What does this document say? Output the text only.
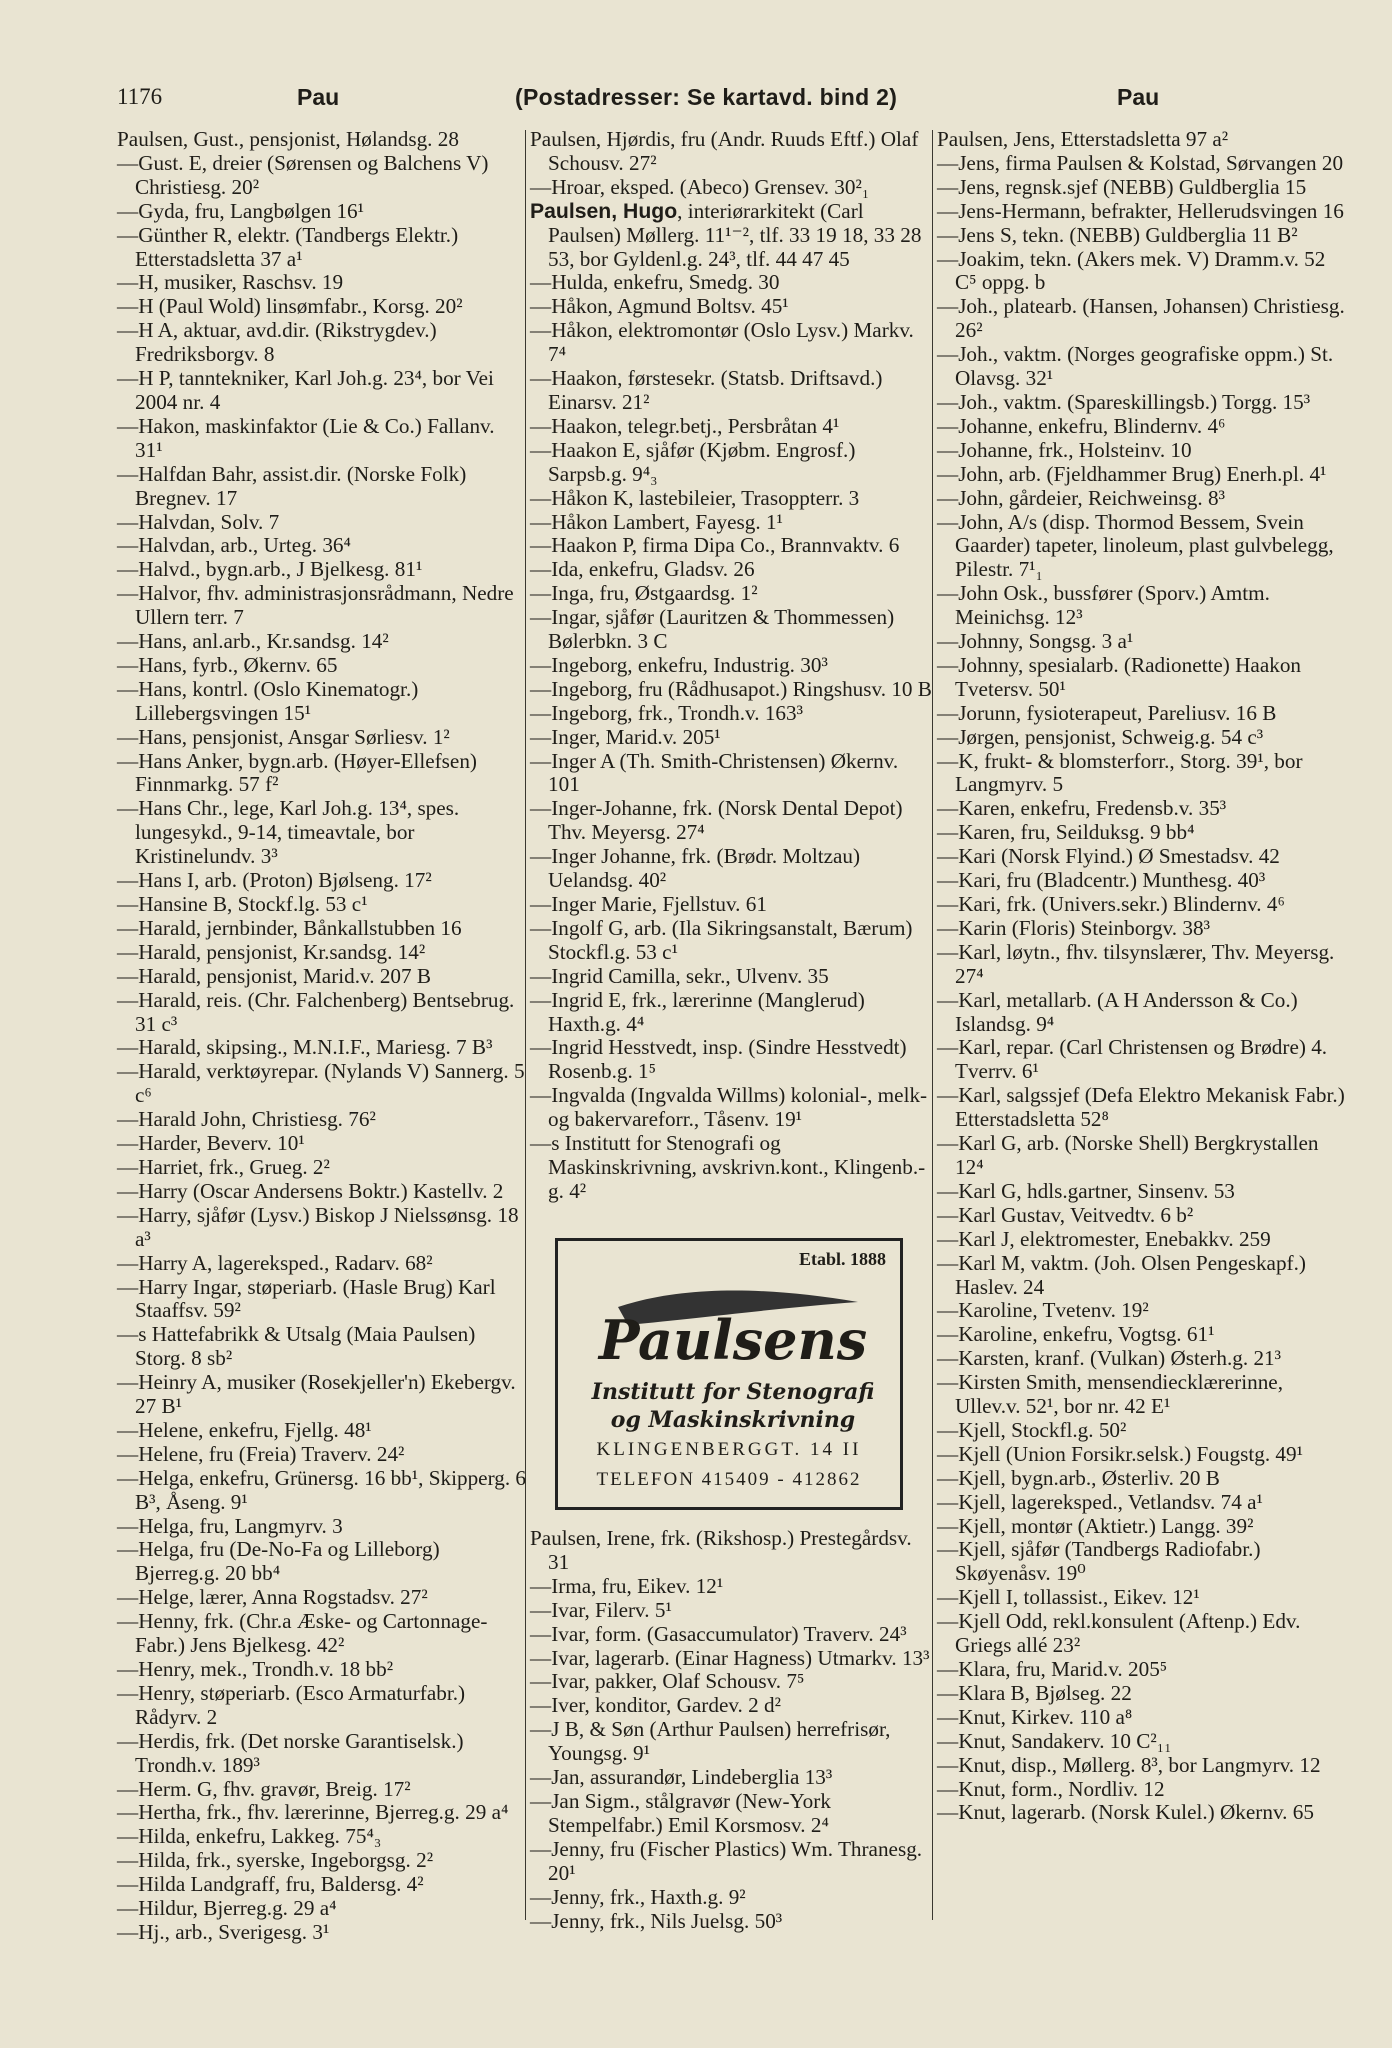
1176	Pau	(Postadresser: Se kartavd. bind 2)	Pau

Paulsen, Gust., pensjonist, Hølandsg. 28

—Gust. E, dreier (Sørensen og Balchens V) Christiesg. 20²

—Gyda, fru, Langbølgen 16¹

—Günther R, elektr. (Tandbergs Elektr.) Etterstadsletta 37 a¹

—H, musiker, Raschsv. 19

—H (Paul Wold) linsømfabr., Korsg. 20²

—H A, aktuar, avd.dir. (Rikstrygdev.) Fredriksborgv. 8

—H P, tanntekniker, Karl Joh.g. 23⁴, bor Vei 2004 nr. 4

—Hakon, maskinfaktor (Lie & Co.) Fallanv. 31¹

—Halfdan Bahr, assist.dir. (Norske Folk) Bregnev. 17

—Halvdan, Solv. 7

—Halvdan, arb., Urteg. 36⁴

—Halvd., bygn.arb., J Bjelkesg. 81¹

—Halvor, fhv. administrasjonsrådmann, Nedre Ullern terr. 7

—Hans, anl.arb., Kr.sandsg. 14²

—Hans, fyrb., Økernv. 65

—Hans, kontrl. (Oslo Kinematogr.) Lillebergsvingen 15¹

—Hans, pensjonist, Ansgar Sørliesv. 1²

—Hans Anker, bygn.arb. (Høyer-Ellefsen) Finnmarkg. 57 f²

—Hans Chr., lege, Karl Joh.g. 13⁴, spes. lungesykd., 9-14, timeavtale, bor Kristinelundv. 3³

—Hans I, arb. (Proton) Bjølseng. 17²

—Hansine B, Stockf.lg. 53 c¹

—Harald, jernbinder, Bånkallstubben 16

—Harald, pensjonist, Kr.sandsg. 14²

—Harald, pensjonist, Marid.v. 207 B

—Harald, reis. (Chr. Falchenberg) Bentsebrug. 31 c³

—Harald, skipsing., M.N.I.F., Mariesg. 7 B³

—Harald, verktøyrepar. (Nylands V) Sannerg. 5 c⁶

—Harald John, Christiesg. 76²

—Harder, Beverv. 10¹

—Harriet, frk., Grueg. 2²

—Harry (Oscar Andersens Boktr.) Kastellv. 2

—Harry, sjåfør (Lysv.) Biskop J Nielssønsg. 18 a³

—Harry A, lagereksped., Radarv. 68²

—Harry Ingar, støperiarb. (Hasle Brug) Karl Staaffsv. 59²

—s Hattefabrikk & Utsalg (Maia Paulsen) Storg. 8 sb²

—Heinry A, musiker (Rosekjeller'n) Ekebergv. 27 B¹

—Helene, enkefru, Fjellg. 48¹

—Helene, fru (Freia) Traverv. 24²

—Helga, enkefru, Grünersg. 16 bb¹, Skipperg. 6 B³, Åseng. 9¹

—Helga, fru, Langmyrv. 3

—Helga, fru (De-No-Fa og Lilleborg) Bjerreg.g. 20 bb⁴

—Helge, lærer, Anna Rogstadsv. 27²

—Henny, frk. (Chr.a Æske- og Cartonnage-Fabr.) Jens Bjelkesg. 42²

—Henry, mek., Trondh.v. 18 bb²

—Henry, støperiarb. (Esco Armaturfabr.) Rådyrv. 2

—Herdis, frk. (Det norske Garantiselsk.) Trondh.v. 189³

—Herm. G, fhv. gravør, Breig. 17²

—Hertha, frk., fhv. lærerinne, Bjerreg.g. 29 a⁴

—Hilda, enkefru, Lakkeg. 75⁴₃

—Hilda, frk., syerske, Ingeborgsg. 2²

—Hilda Landgraff, fru, Baldersg. 4²

—Hildur, Bjerreg.g. 29 a⁴

—Hj., arb., Sverigesg. 3¹

Paulsen, Hjørdis, fru (Andr. Ruuds Eftf.) Olaf Schousv. 27²

—Hroar, eksped. (Abeco) Grensev. 30²₁

Paulsen, Hugo, interiørarkitekt (Carl Paulsen) Møllerg. 11¹⁻², tlf. 33 19 18, 33 28 53, bor Gyldenl.g. 24³, tlf. 44 47 45

—Hulda, enkefru, Smedg. 30

—Håkon, Agmund Boltsv. 45¹

—Håkon, elektromontør (Oslo Lysv.) Markv. 7⁴

—Haakon, førstesekr. (Statsb. Driftsavd.) Einarsv. 21²

—Haakon, telegr.betj., Persbråtan 4¹

—Haakon E, sjåfør (Kjøbm. Engrosf.) Sarpsb.g. 9⁴₃

—Håkon K, lastebileier, Trasoppterr. 3

—Håkon Lambert, Fayesg. 1¹

—Haakon P, firma Dipa Co., Brannvaktv. 6

—Ida, enkefru, Gladsv. 26

—Inga, fru, Østgaardsg. 1²

—Ingar, sjåfør (Lauritzen & Thommessen) Bølerbkn. 3 C

—Ingeborg, enkefru, Industrig. 30³

—Ingeborg, fru (Rådhusapot.) Ringshusv. 10 B

—Ingeborg, frk., Trondh.v. 163³

—Inger, Marid.v. 205¹

—Inger A (Th. Smith-Christensen) Økernv. 101

—Inger-Johanne, frk. (Norsk Dental Depot) Thv. Meyersg. 27⁴

—Inger Johanne, frk. (Brødr. Moltzau) Uelandsg. 40²

—Inger Marie, Fjellstuv. 61

—Ingolf G, arb. (Ila Sikringsanstalt, Bærum) Stockfl.g. 53 c¹

—Ingrid Camilla, sekr., Ulvenv. 35

—Ingrid E, frk., lærerinne (Manglerud) Haxth.g. 4⁴

—Ingrid Hesstvedt, insp. (Sindre Hesstvedt) Rosenb.g. 1⁵

—Ingvalda (Ingvalda Willms) kolonial-, melk- og bakervareforr., Tåsenv. 19¹

—s Institutt for Stenografi og Maskinskrivning, avskrivn.kont., Klingenb.-g. 4²

Etabl. 1888
Paulsens
Institutt for Stenografi
og Maskinskrivning
KLINGENBERGGT. 14 II
TELEFON 415409 - 412862

Paulsen, Irene, frk. (Rikshosp.) Prestegårdsv. 31

—Irma, fru, Eikev. 12¹

—Ivar, Filerv. 5¹

—Ivar, form. (Gasaccumulator) Traverv. 24³

—Ivar, lagerarb. (Einar Hagness) Utmarkv. 13³

—Ivar, pakker, Olaf Schousv. 7⁵

—Iver, konditor, Gardev. 2 d²

—J B, & Søn (Arthur Paulsen) herrefrisør, Youngsg. 9¹

—Jan, assurandør, Lindeberglia 13³

—Jan Sigm., stålgravør (New-York Stempelfabr.) Emil Korsmosv. 2⁴

—Jenny, fru (Fischer Plastics) Wm. Thranesg. 20¹

—Jenny, frk., Haxth.g. 9²

—Jenny, frk., Nils Juelsg. 50³

Paulsen, Jens, Etterstadsletta 97 a²

—Jens, firma Paulsen & Kolstad, Sørvangen 20

—Jens, regnsk.sjef (NEBB) Guldberglia 15

—Jens-Hermann, befrakter, Hellerudsvingen 16

—Jens S, tekn. (NEBB) Guldberglia 11 B²

—Joakim, tekn. (Akers mek. V) Dramm.v. 52 C⁵ oppg. b

—Joh., platearb. (Hansen, Johansen) Christiesg. 26²

—Joh., vaktm. (Norges geografiske oppm.) St. Olavsg. 32¹

—Joh., vaktm. (Spareskillingsb.) Torgg. 15³

—Johanne, enkefru, Blindernv. 4⁶

—Johanne, frk., Holsteinv. 10

—John, arb. (Fjeldhammer Brug) Enerh.pl. 4¹

—John, gårdeier, Reichweinsg. 8³

—John, A/s (disp. Thormod Bessem, Svein Gaarder) tapeter, linoleum, plast gulvbelegg, Pilestr. 7¹₁

—John Osk., bussfører (Sporv.) Amtm. Meinichsg. 12³

—Johnny, Songsg. 3 a¹

—Johnny, spesialarb. (Radionette) Haakon Tvetersv. 50¹

—Jorunn, fysioterapeut, Pareliusv. 16 B

—Jørgen, pensjonist, Schweig.g. 54 c³

—K, frukt- & blomsterforr., Storg. 39¹, bor Langmyrv. 5

—Karen, enkefru, Fredensb.v. 35³

—Karen, fru, Seilduksg. 9 bb⁴

—Kari (Norsk Flyind.) Ø Smestadsv. 42

—Kari, fru (Bladcentr.) Munthesg. 40³

—Kari, frk. (Univers.sekr.) Blindernv. 4⁶

—Karin (Floris) Steinborgv. 38³

—Karl, løytn., fhv. tilsynslærer, Thv. Meyersg. 27⁴

—Karl, metallarb. (A H Andersson & Co.) Islandsg. 9⁴

—Karl, repar. (Carl Christensen og Brødre) 4. Tverrv. 6¹

—Karl, salgssjef (Defa Elektro Mekanisk Fabr.) Etterstadsletta 52⁸

—Karl G, arb. (Norske Shell) Bergkrystallen 12⁴

—Karl G, hdls.gartner, Sinsenv. 53

—Karl Gustav, Veitvedtv. 6 b²

—Karl J, elektromester, Enebakkv. 259

—Karl M, vaktm. (Joh. Olsen Pengeskapf.) Haslev. 24

—Karoline, Tvetenv. 19²

—Karoline, enkefru, Vogtsg. 61¹

—Karsten, kranf. (Vulkan) Østerh.g. 21³

—Kirsten Smith, mensendiecklærerinne, Ullev.v. 52¹, bor nr. 42 E¹

—Kjell, Stockfl.g. 50²

—Kjell (Union Forsikr.selsk.) Fougstg. 49¹

—Kjell, bygn.arb., Østerliv. 20 B

—Kjell, lagereksped., Vetlandsv. 74 a¹

—Kjell, montør (Aktietr.) Langg. 39²

—Kjell, sjåfør (Tandbergs Radiofabr.) Skøyenåsv. 19⁰

—Kjell I, tollassist., Eikev. 12¹

—Kjell Odd, rekl.konsulent (Aftenp.) Edv. Griegs allé 23²

—Klara, fru, Marid.v. 205⁵

—Klara B, Bjølseg. 22

—Knut, Kirkev. 110 a⁸

—Knut, Sandakerv. 10 C²₁₁

—Knut, disp., Møllerg. 8³, bor Langmyrv. 12

—Knut, form., Nordliv. 12

—Knut, lagerarb. (Norsk Kulel.) Økernv. 65
